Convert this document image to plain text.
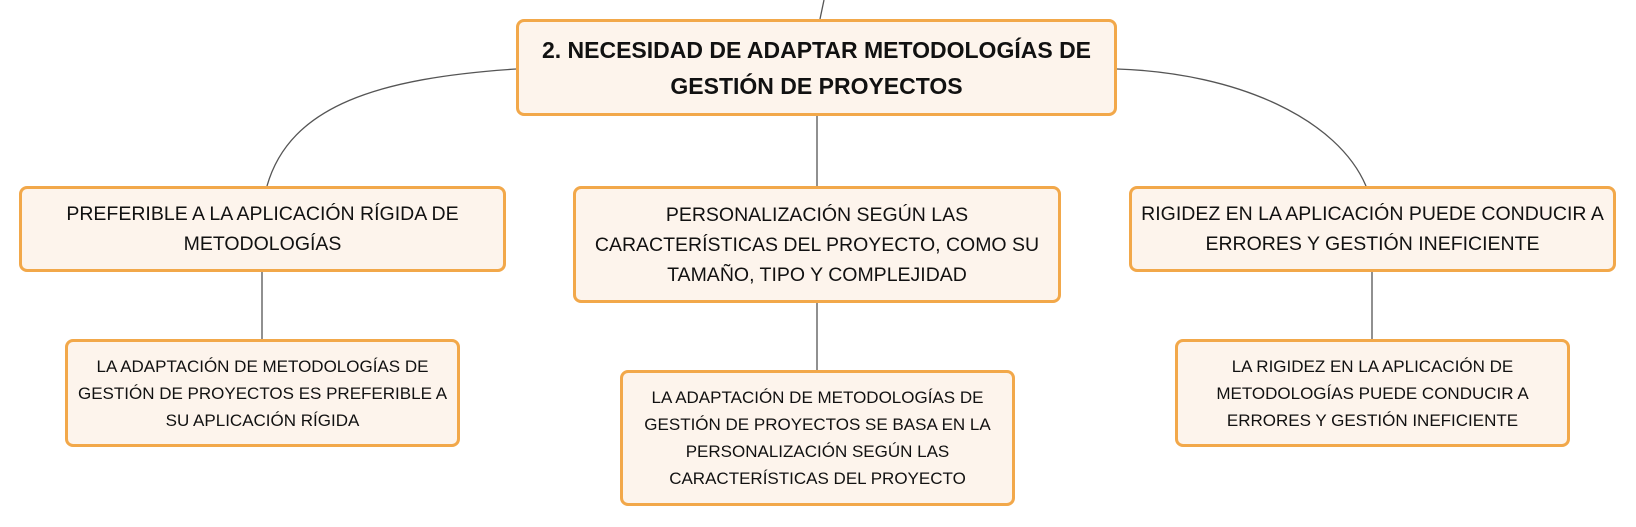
2. NECESIDAD DE ADAPTAR METODOLOGÍAS DE GESTIÓN DE PROYECTOS
PREFERIBLE A LA APLICACIÓN RÍGIDA DE METODOLOGÍAS
PERSONALIZACIÓN SEGÚN LAS CARACTERÍSTICAS DEL PROYECTO, COMO SU TAMAÑO, TIPO Y COMPLEJIDAD
RIGIDEZ EN LA APLICACIÓN PUEDE CONDUCIR A ERRORES Y GESTIÓN INEFICIENTE
LA ADAPTACIÓN DE METODOLOGÍAS DE GESTIÓN DE PROYECTOS ES PREFERIBLE A SU APLICACIÓN RÍGIDA
LA ADAPTACIÓN DE METODOLOGÍAS DE GESTIÓN DE PROYECTOS SE BASA EN LA PERSONALIZACIÓN SEGÚN LAS CARACTERÍSTICAS DEL PROYECTO
LA RIGIDEZ EN LA APLICACIÓN DE METODOLOGÍAS PUEDE CONDUCIR A ERRORES Y GESTIÓN INEFICIENTE
